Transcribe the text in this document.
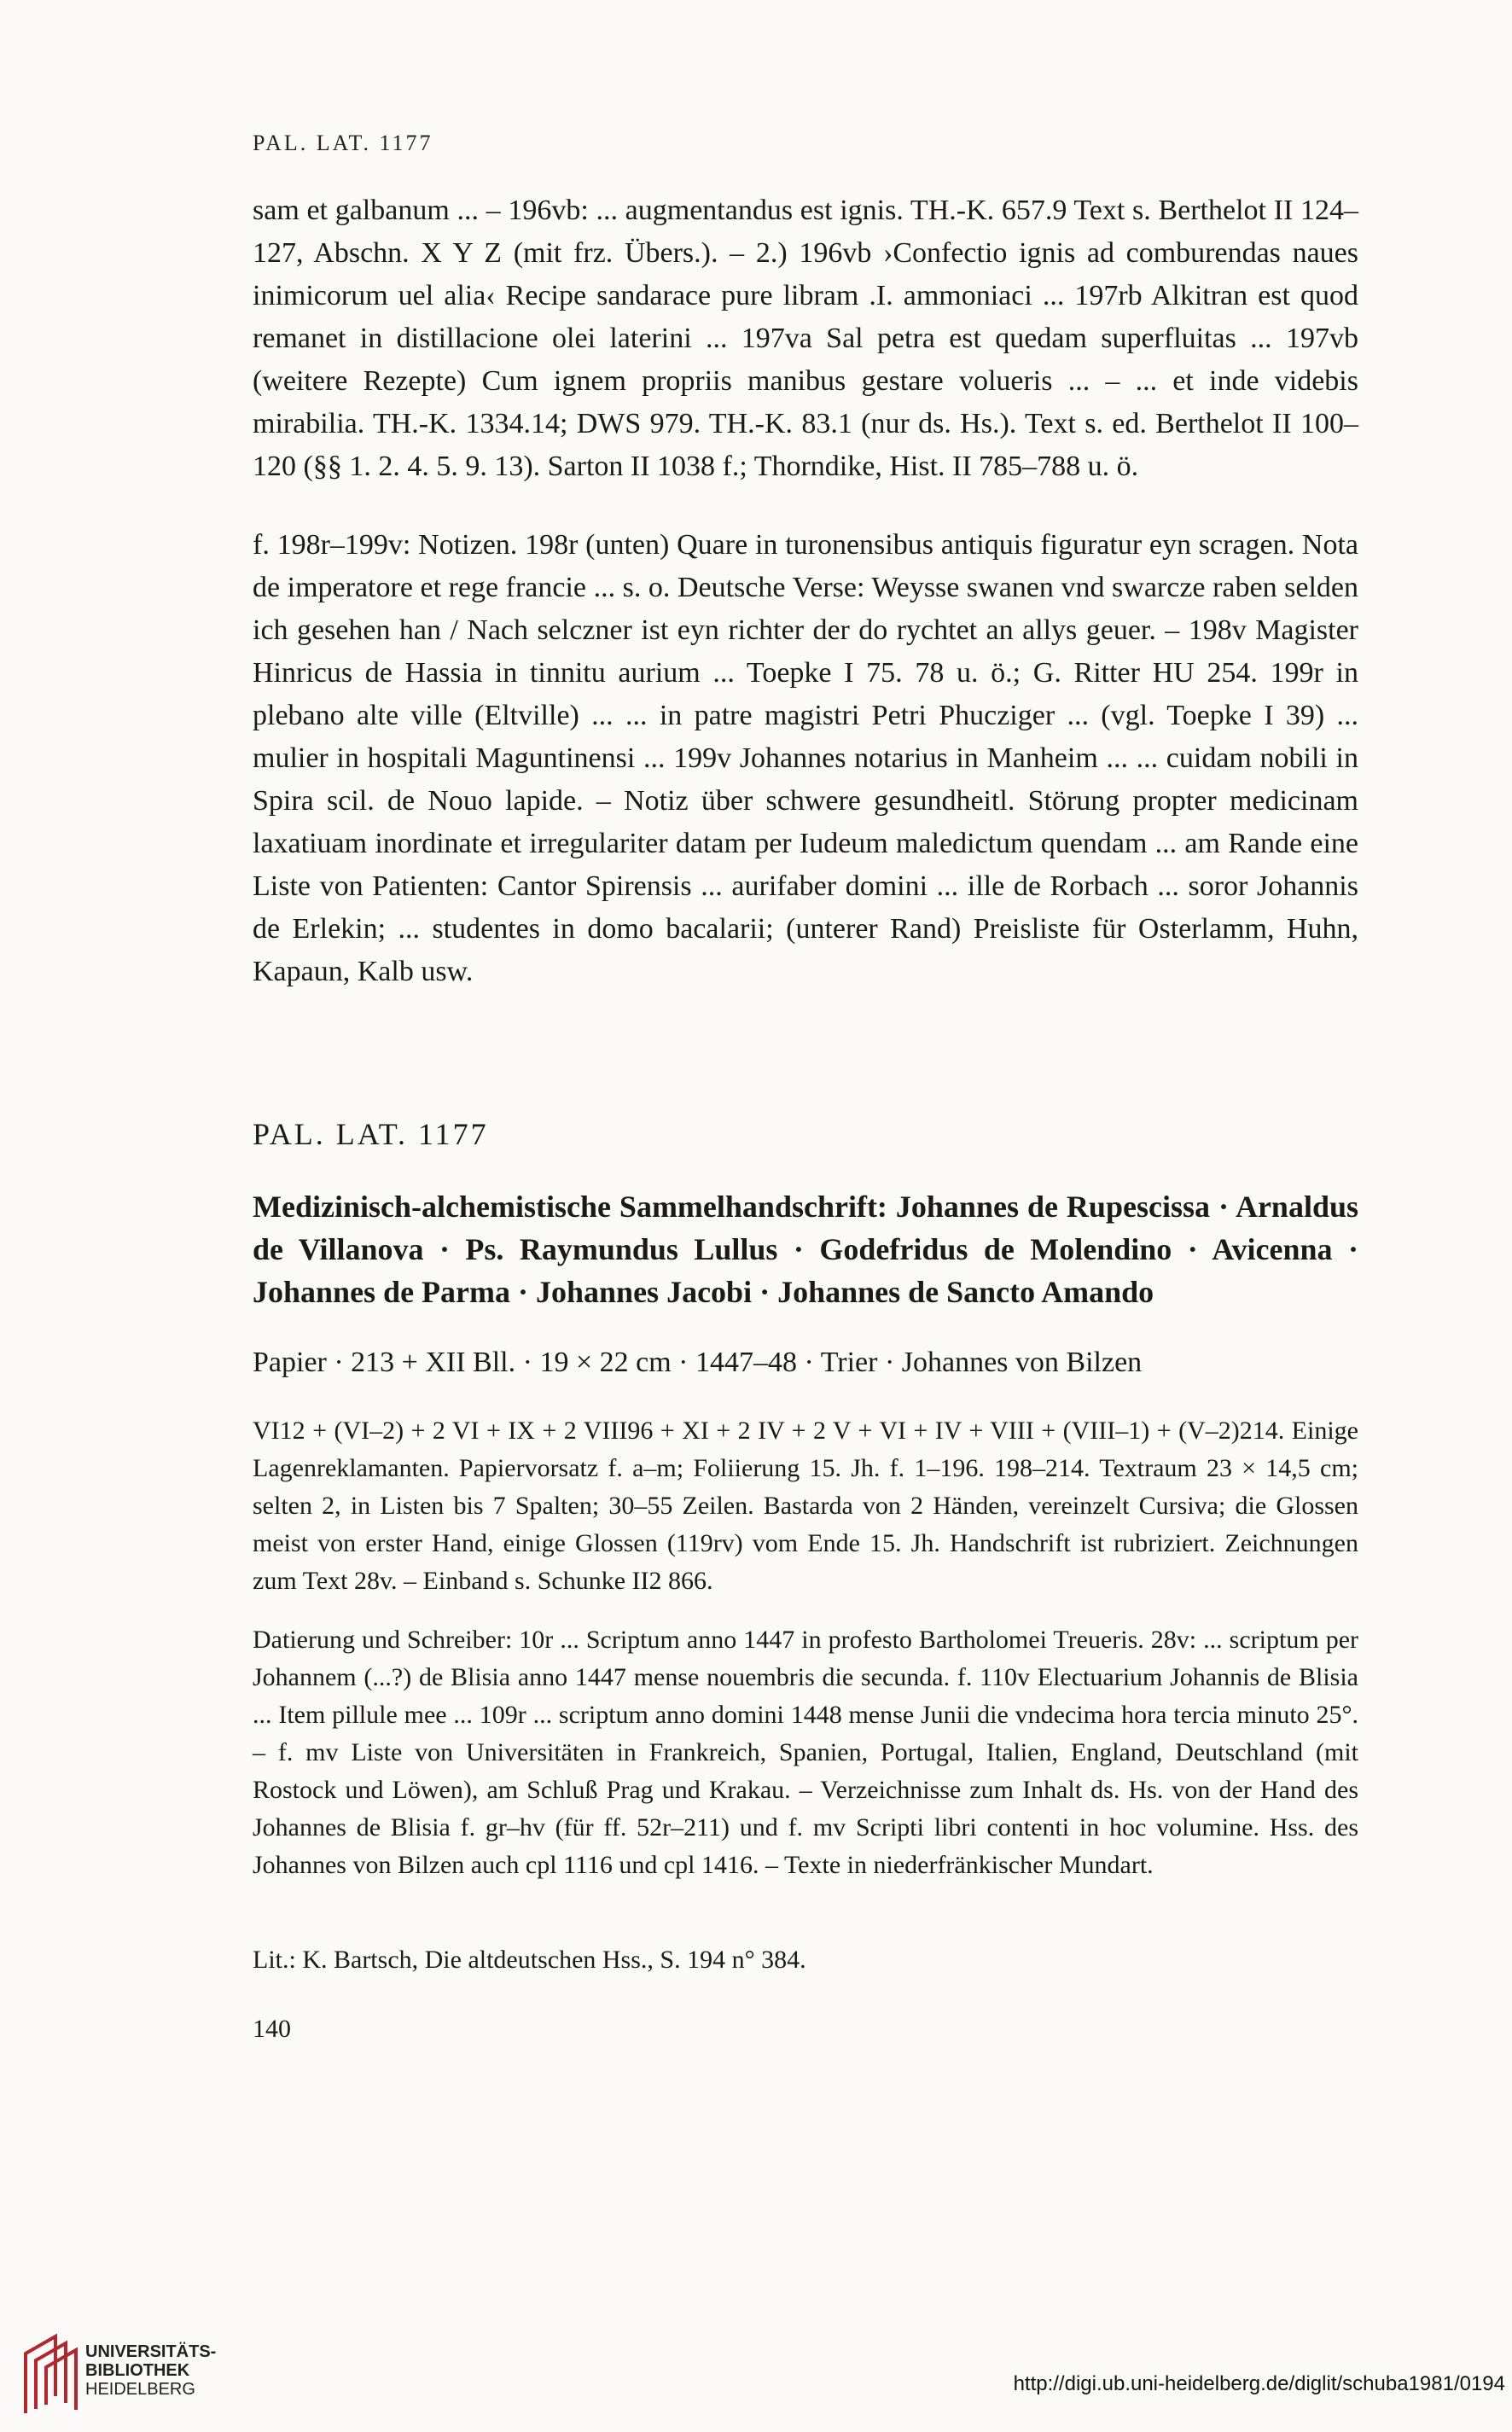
PAL. LAT. 1177
sam et galbanum ... – 196vb: ... augmentandus est ignis. TH.-K. 657.9 Text s. Berthelot II 124–127, Abschn. X Y Z (mit frz. Übers.). – 2.) 196vb ›Confectio ignis ad comburendas naues inimicorum uel alia‹ Recipe sandarace pure libram .I. ammoniaci ... 197rb Alkitran est quod remanet in distillacione olei laterini ... 197va Sal petra est quedam superfluitas ... 197vb (weitere Rezepte) Cum ignem propriis manibus gestare volueris ... – ... et inde videbis mirabilia. TH.-K. 1334.14; DWS 979. TH.-K. 83.1 (nur ds. Hs.). Text s. ed. Berthelot II 100–120 (§§ 1. 2. 4. 5. 9. 13). Sarton II 1038 f.; Thorndike, Hist. II 785–788 u. ö.
f. 198r–199v: Notizen. 198r (unten) Quare in turonensibus antiquis figuratur eyn scragen. Nota de imperatore et rege francie ... s. o. Deutsche Verse: Weysse swanen vnd swarcze raben selden ich gesehen han / Nach selczner ist eyn richter der do rychtet an allys geuer. – 198v Magister Hinricus de Hassia in tinnitu aurium ... Toepke I 75. 78 u. ö.; G. Ritter HU 254. 199r in plebano alte ville (Eltville) ... ... in patre magistri Petri Phucziger ... (vgl. Toepke I 39) ... mulier in hospitali Maguntinensi ... 199v Johannes notarius in Manheim ... ... cuidam nobili in Spira scil. de Nouo lapide. – Notiz über schwere gesundheitl. Störung propter medicinam laxatiuam inordinate et irregulariter datam per Iudeum maledictum quendam ... am Rande eine Liste von Patienten: Cantor Spirensis ... aurifaber domini ... ille de Rorbach ... soror Johannis de Erlekin; ... studentes in domo bacalarii; (unterer Rand) Preisliste für Osterlamm, Huhn, Kapaun, Kalb usw.
PAL. LAT. 1177
Medizinisch-alchemistische Sammelhandschrift: Johannes de Rupescissa · Arnaldus de Villanova · Ps. Raymundus Lullus · Godefridus de Molendino · Avicenna · Johannes de Parma · Johannes Jacobi · Johannes de Sancto Amando
Papier · 213 + XII Bll. · 19 × 22 cm · 1447–48 · Trier · Johannes von Bilzen
VI12 + (VI–2) + 2 VI + IX + 2 VIII96 + XI + 2 IV + 2 V + VI + IV + VIII + (VIII–1) + (V–2)214. Einige Lagenreklamanten. Papiervorsatz f. a–m; Foliierung 15. Jh. f. 1–196. 198–214. Textraum 23 × 14,5 cm; selten 2, in Listen bis 7 Spalten; 30–55 Zeilen. Bastarda von 2 Händen, vereinzelt Cursiva; die Glossen meist von erster Hand, einige Glossen (119rv) vom Ende 15. Jh. Handschrift ist rubriziert. Zeichnungen zum Text 28v. – Einband s. Schunke II2 866.
Datierung und Schreiber: 10r ... Scriptum anno 1447 in profesto Bartholomei Treueris. 28v: ... scriptum per Johannem (...?) de Blisia anno 1447 mense nouembris die secunda. f. 110v Electuarium Johannis de Blisia ... Item pillule mee ... 109r ... scriptum anno domini 1448 mense Junii die vndecima hora tercia minuto 25°. – f. mv Liste von Universitäten in Frankreich, Spanien, Portugal, Italien, England, Deutschland (mit Rostock und Löwen), am Schluß Prag und Krakau. – Verzeichnisse zum Inhalt ds. Hs. von der Hand des Johannes de Blisia f. gr–hv (für ff. 52r–211) und f. mv Scripti libri contenti in hoc volumine. Hss. des Johannes von Bilzen auch cpl 1116 und cpl 1416. – Texte in niederfränkischer Mundart.
Lit.: K. Bartsch, Die altdeutschen Hss., S. 194 n° 384.
140
UNIVERSITÄTS-
BIBLIOTHEK
HEIDELBERG	http://digi.ub.uni-heidelberg.de/diglit/schuba1981/0194
